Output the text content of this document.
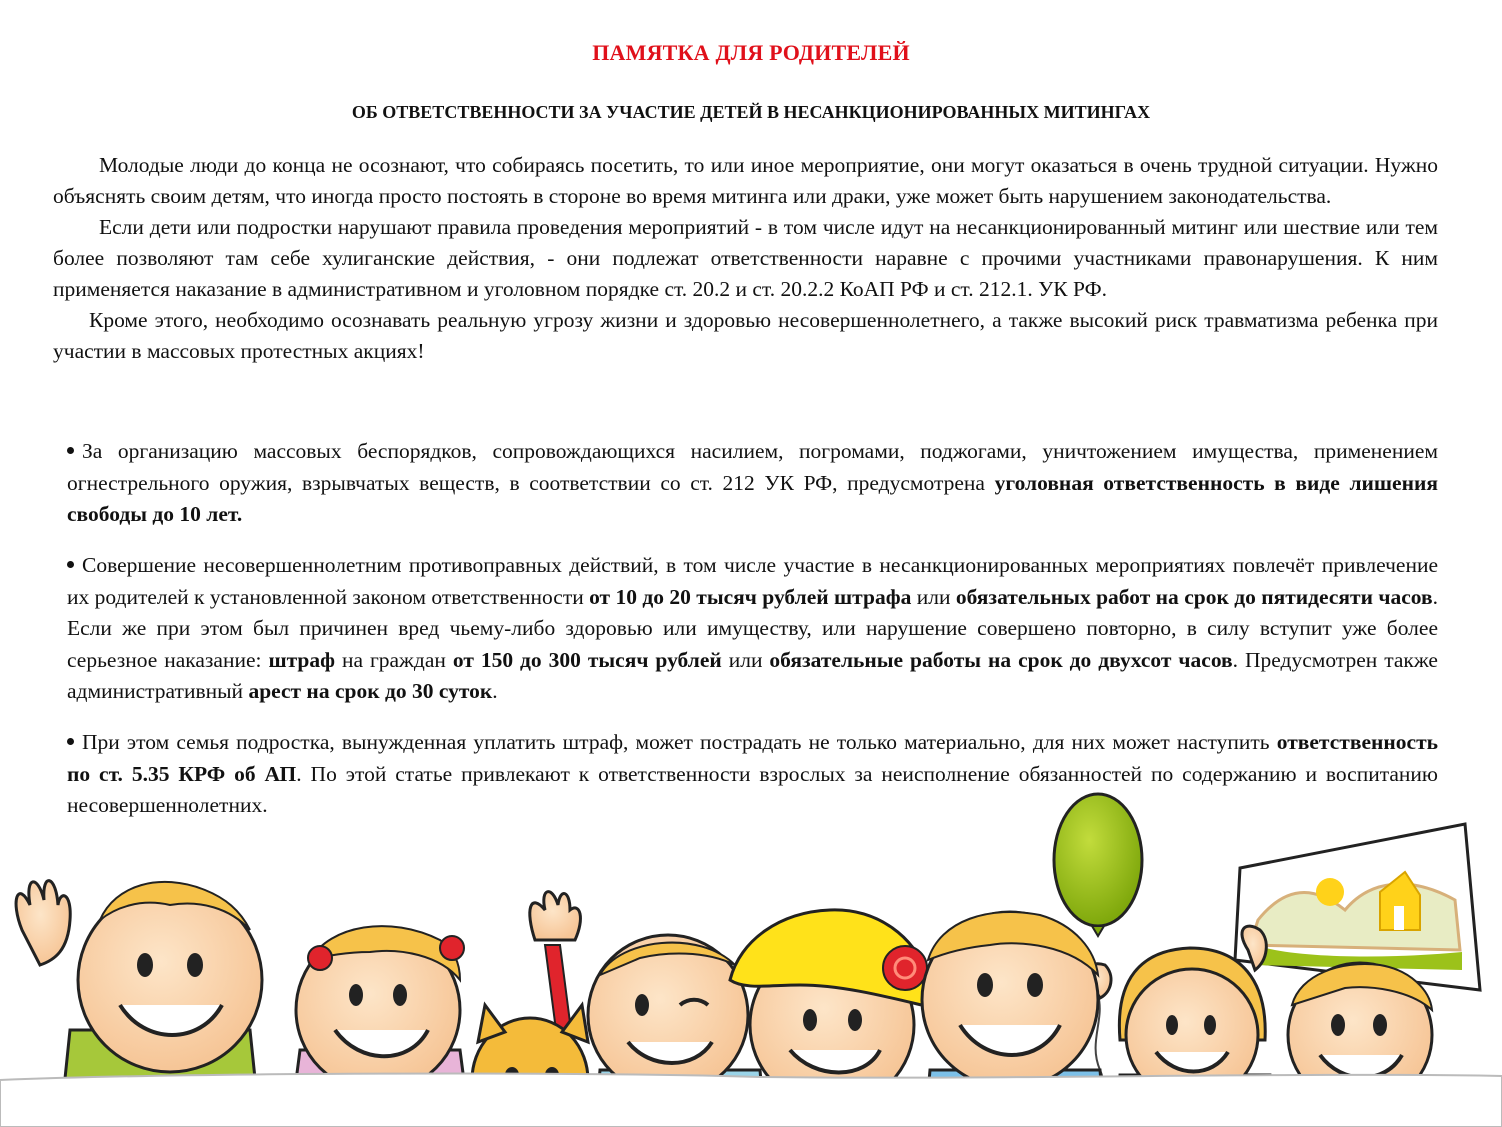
ПАМЯТКА ДЛЯ РОДИТЕЛЕЙ
ОБ ОТВЕТСТВЕННОСТИ ЗА УЧАСТИЕ ДЕТЕЙ В НЕСАНКЦИОНИРОВАННЫХ МИТИНГАХ

Молодые люди до конца не осознают, что собираясь посетить, то или иное мероприятие, они могут оказаться в очень трудной ситуации. Нужно объяснять своим детям, что иногда просто постоять в стороне во время митинга или драки, уже может быть нарушением законодательства.

Если дети или подростки нарушают правила проведения мероприятий - в том числе идут на несанкционированный митинг или шествие или тем более позволяют там себе хулиганские действия, - они подлежат ответственности наравне с прочими участниками правонарушения. К ним применяется наказание в административном и уголовном порядке ст. 20.2 и ст. 20.2.2 КоАП РФ и ст. 212.1. УК РФ.

Кроме этого, необходимо осознавать реальную угрозу жизни и здоровью несовершеннолетнего, а также высокий риск травматизма ребенка при участии в массовых протестных акциях!

За организацию массовых беспорядков, сопровождающихся насилием, погромами, поджогами, уничтожением имущества, применением огнестрельного оружия, взрывчатых веществ, в соответствии со ст. 212 УК РФ, предусмотрена уголовная ответственность в виде лишения свободы до 10 лет.

Совершение несовершеннолетним противоправных действий, в том числе участие в несанкционированных мероприятиях повлечёт привлечение их родителей к установленной законом ответственности от 10 до 20 тысяч рублей штрафа или обязательных работ на срок до пятидесяти часов. Если же при этом был причинен вред чьему-либо здоровью или имуществу, или нарушение совершено повторно, в силу вступит уже более серьезное наказание: штраф на граждан от 150 до 300 тысяч рублей или обязательные работы на срок до двухсот часов. Предусмотрен также административный арест на срок до 30 суток.

При этом семья подростка, вынужденная уплатить штраф, может пострадать не только материально, для них может наступить ответственность по ст. 5.35 КРФ об АП. По этой статье привлекают к ответственности взрослых за неисполнение обязанностей по содержанию и воспитанию несовершеннолетних.
